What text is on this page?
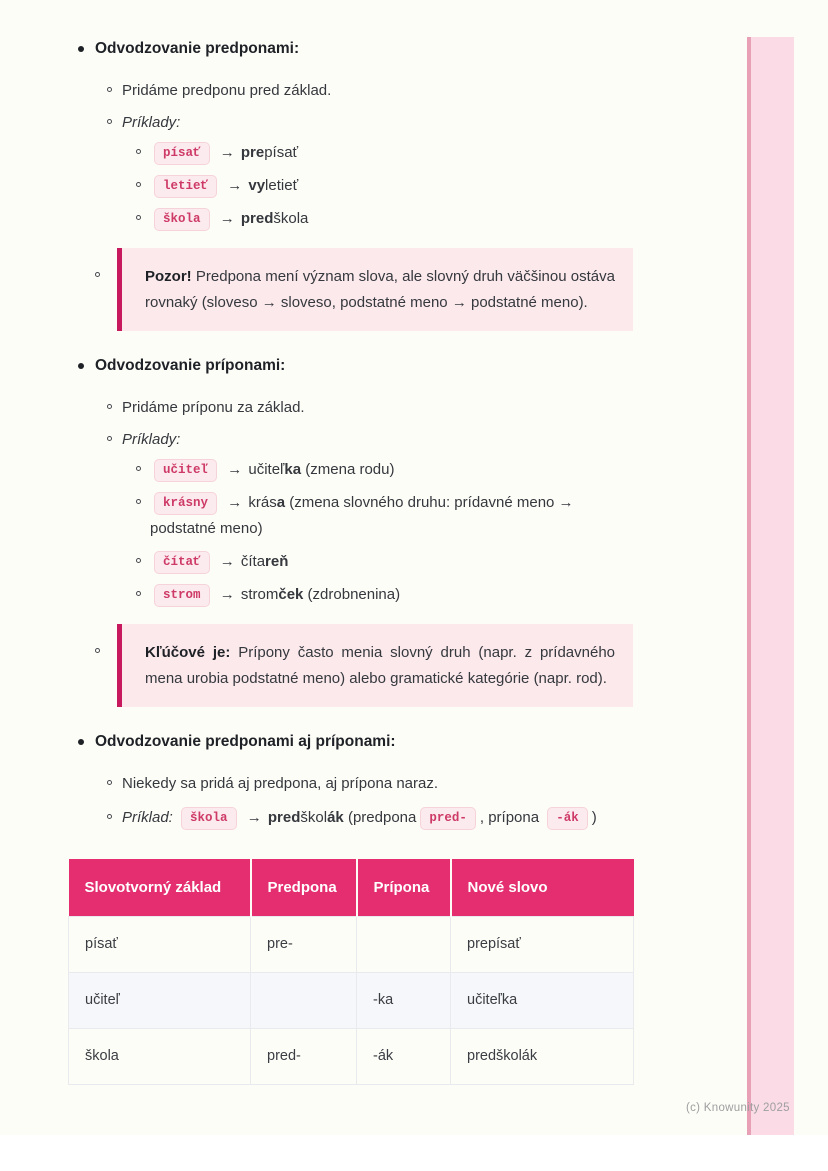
Odvodzovanie predponami:
Pridáme predponu pred základ.
Príklady:
písať → prepísať
letieť → vyletieť
škola → predškola
Pozor! Predpona mení význam slova, ale slovný druh väčšinou ostáva rovnaký (sloveso → sloveso, podstatné meno → podstatné meno).
Odvodzovanie príponami:
Pridáme príponu za základ.
Príklady:
učiteľ → učiteľka (zmena rodu)
krásny → krása (zmena slovného druhu: prídavné meno → podstatné meno)
čítať → čítareň
strom → stromček (zdrobnenina)
Kľúčové je: Prípony často menia slovný druh (napr. z prídavného mena urobia podstatné meno) alebo gramatické kategórie (napr. rod).
Odvodzovanie predponami aj príponami:
Niekedy sa pridá aj predpona, aj prípona naraz.
Príklad: škola → predškolák (predpona pred- , prípona -ák )
Slovotvorný základ	Predpona	Prípona	Nové slovo
písať	pre-		prepísať
učiteľ		-ka	učiteľka
škola	pred-	-ák	predškolák
(c) Knowunity 2025
